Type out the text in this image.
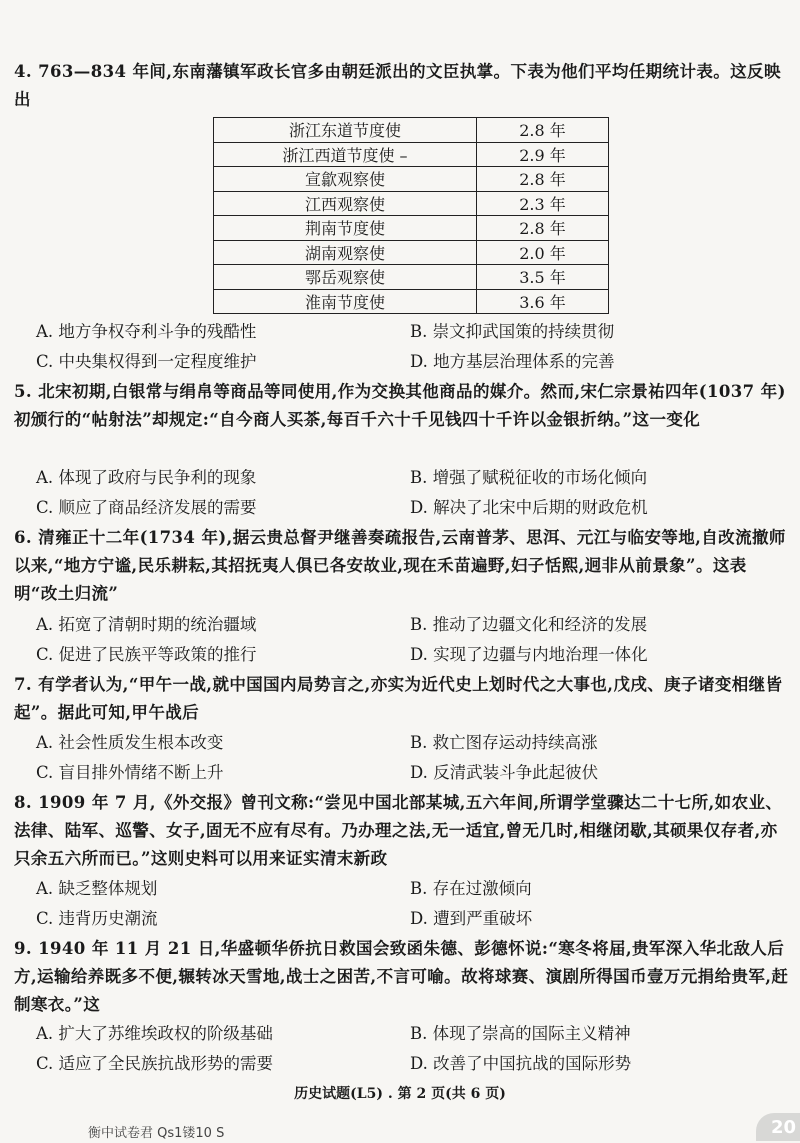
4. 763—834 年间,东南藩镇军政长官多由朝廷派出的文臣执掌。下表为他们平均任期统计表。这反映出
浙江东道节度使	2.8 年
浙江西道节度使 –	2.9 年
宣歙观察使	2.8 年
江西观察使	2.3 年
荆南节度使	2.8 年
湖南观察使	2.0 年
鄂岳观察使	3.5 年
淮南节度使	3.6 年
A. 地方争权夺利斗争的残酷性	B. 崇文抑武国策的持续贯彻
C. 中央集权得到一定程度维护	D. 地方基层治理体系的完善
5. 北宋初期,白银常与绢帛等商品等同使用,作为交换其他商品的媒介。然而,宋仁宗景祐四年(1037 年)初颁行的“帖射法”却规定:“自今商人买茶,每百千六十千见钱四十千许以金银折纳。”这一变化
A. 体现了政府与民争利的现象	B. 增强了赋税征收的市场化倾向
C. 顺应了商品经济发展的需要	D. 解决了北宋中后期的财政危机
6. 清雍正十二年(1734 年),据云贵总督尹继善奏疏报告,云南普茅、思洱、元江与临安等地,自改流撤师以来,“地方宁谧,民乐耕耘,其招抚夷人俱已各安故业,现在禾苗遍野,妇子恬熙,迥非从前景象”。这表明“改土归流”
A. 拓宽了清朝时期的统治疆域	B. 推动了边疆文化和经济的发展
C. 促进了民族平等政策的推行	D. 实现了边疆与内地治理一体化
7. 有学者认为,“甲午一战,就中国国内局势言之,亦实为近代史上划时代之大事也,戊戌、庚子诸变相继皆起”。据此可知,甲午战后
A. 社会性质发生根本改变	B. 救亡图存运动持续高涨
C. 盲目排外情绪不断上升	D. 反清武装斗争此起彼伏
8. 1909 年 7 月,《外交报》曾刊文称:“尝见中国北部某城,五六年间,所谓学堂骤达二十七所,如农业、法律、陆军、巡警、女子,固无不应有尽有。乃办理之法,无一适宜,曾无几时,相继闭歇,其硕果仅存者,亦只余五六所而已。”这则史料可以用来证实清末新政
A. 缺乏整体规划	B. 存在过激倾向
C. 违背历史潮流	D. 遭到严重破坏
9. 1940 年 11 月 21 日,华盛顿华侨抗日救国会致函朱德、彭德怀说:“寒冬将届,贵军深入华北敌人后方,运输给养既多不便,辗转冰天雪地,战士之困苦,不言可喻。故将球赛、演剧所得国币壹万元捐给贵军,赶制寒衣。”这
A. 扩大了苏维埃政权的阶级基础	B. 体现了崇高的国际主义精神
C. 适应了全民族抗战形势的需要	D. 改善了中国抗战的国际形势
历史试题(L5) . 第 2 页(共 6 页)
衡中试卷君 Qs1镂10 S	20
